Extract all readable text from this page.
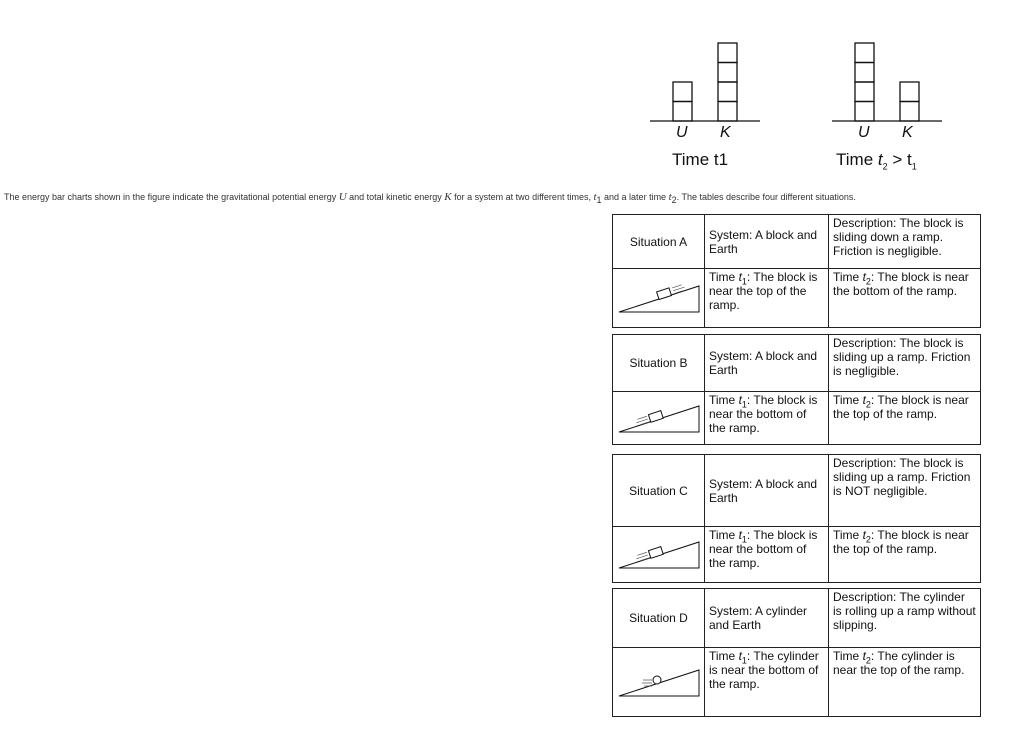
U K	U K
Time t1	Time $t_2 > t_1$
The energy bar charts shown in the figure indicate the gravitational potential energy U and total kinetic energy K for a system at two different times, $t_1$ and a later time $t_2$. The tables describe four different situations.
Situation A	System: A block and Earth	Description: The block is sliding down a ramp. Friction is negligible.
	Time $t_1$: The block is near the top of the ramp.	Time $t_2$: The block is near the bottom of the ramp.
Situation B	System: A block and Earth	Description: The block is sliding up a ramp. Friction is negligible.
	Time $t_1$: The block is near the bottom of the ramp.	Time $t_2$: The block is near the top of the ramp.
Situation C	System: A block and Earth	Description: The block is sliding up a ramp. Friction is NOT negligible.
	Time $t_1$: The block is near the bottom of the ramp.	Time $t_2$: The block is near the top of the ramp.
Situation D	System: A cylinder and Earth	Description: The cylinder is rolling up a ramp without slipping.
	Time $t_1$: The cylinder is near the bottom of the ramp.	Time $t_2$: The cylinder is near the top of the ramp.
